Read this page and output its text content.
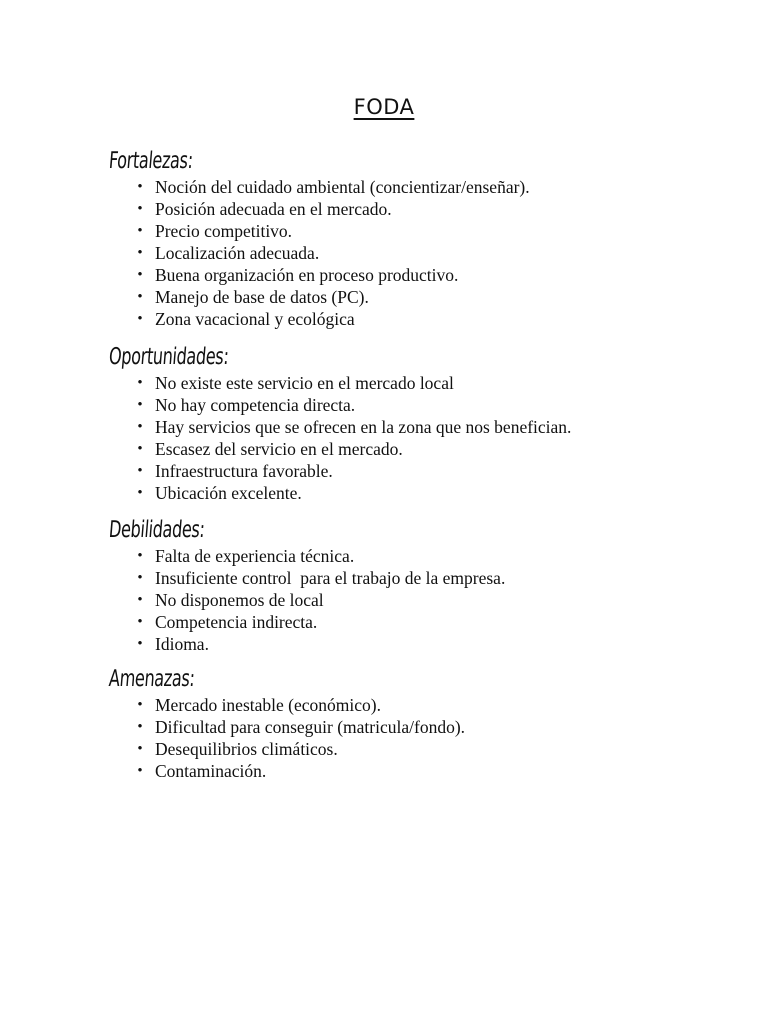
FODA
Fortalezas:
• Noción del cuidado ambiental (concientizar/enseñar).
• Posición adecuada en el mercado.
• Precio competitivo.
• Localización adecuada.
• Buena organización en proceso productivo.
• Manejo de base de datos (PC).
• Zona vacacional y ecológica
Oportunidades:
• No existe este servicio en el mercado local
• No hay competencia directa.
• Hay servicios que se ofrecen en la zona que nos benefician.
• Escasez del servicio en el mercado.
• Infraestructura favorable.
• Ubicación excelente.
Debilidades:
• Falta de experiencia técnica.
• Insuficiente control  para el trabajo de la empresa.
• No disponemos de local
• Competencia indirecta.
• Idioma.
Amenazas:
• Mercado inestable (económico).
• Dificultad para conseguir (matricula/fondo).
• Desequilibrios climáticos.
• Contaminación.
